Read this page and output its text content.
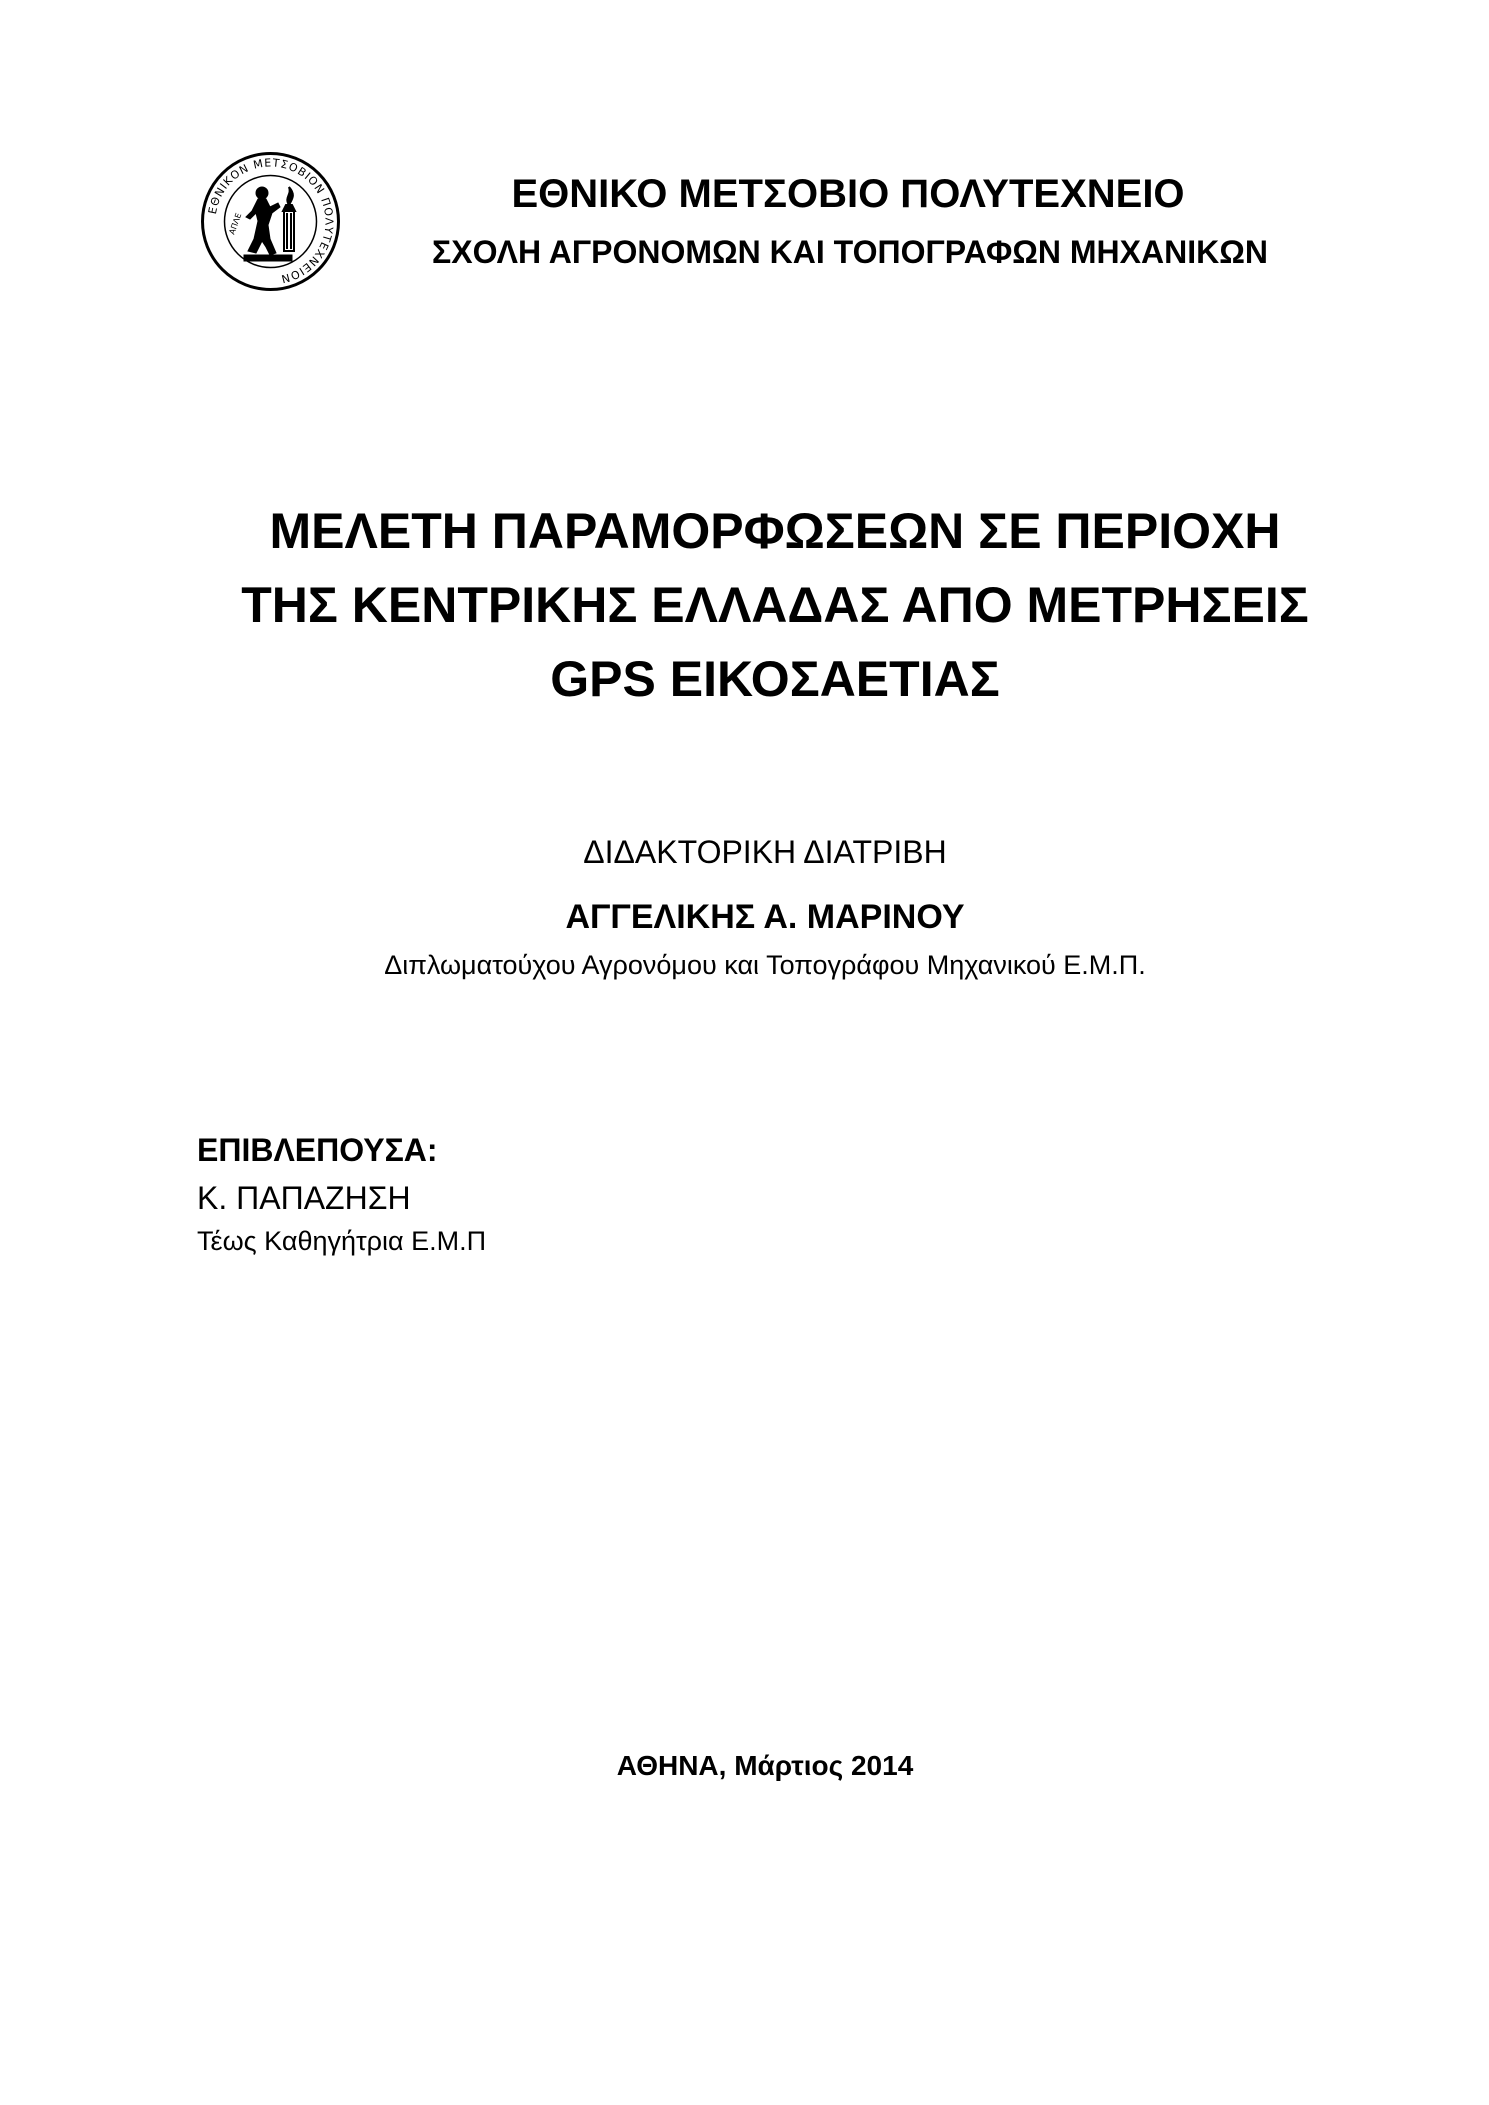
ΕΘΝΙΚΟΝ ΜΕΤΣΟΒΙΟΝ ΠΟΛΥΤΕΧΝΕΙΟΝ
ΑΠΛΕ
ΕΘΝΙΚΟ ΜΕΤΣΟΒΙΟ ΠΟΛΥΤΕΧΝΕΙΟ
ΣΧΟΛΗ ΑΓΡΟΝΟΜΩΝ ΚΑΙ ΤΟΠΟΓΡΑΦΩΝ ΜΗΧΑΝΙΚΩΝ
ΜΕΛΕΤΗ ΠΑΡΑΜΟΡΦΩΣΕΩΝ ΣΕ ΠΕΡΙΟΧΗ
ΤΗΣ ΚΕΝΤΡΙΚΗΣ ΕΛΛΑΔΑΣ ΑΠΟ ΜΕΤΡΗΣΕΙΣ
GPS ΕΙΚΟΣΑΕΤΙΑΣ
ΔΙΔΑΚΤΟΡΙΚΗ ΔΙΑΤΡΙΒΗ
ΑΓΓΕΛΙΚΗΣ Α. ΜΑΡΙΝΟΥ
Διπλωματούχου Αγρονόμου και Τοπογράφου Μηχανικού Ε.Μ.Π.
ΕΠΙΒΛΕΠΟΥΣΑ:
Κ. ΠΑΠΑΖΗΣΗ
Τέως Καθηγήτρια Ε.Μ.Π
ΑΘΗΝΑ, Μάρτιος 2014
